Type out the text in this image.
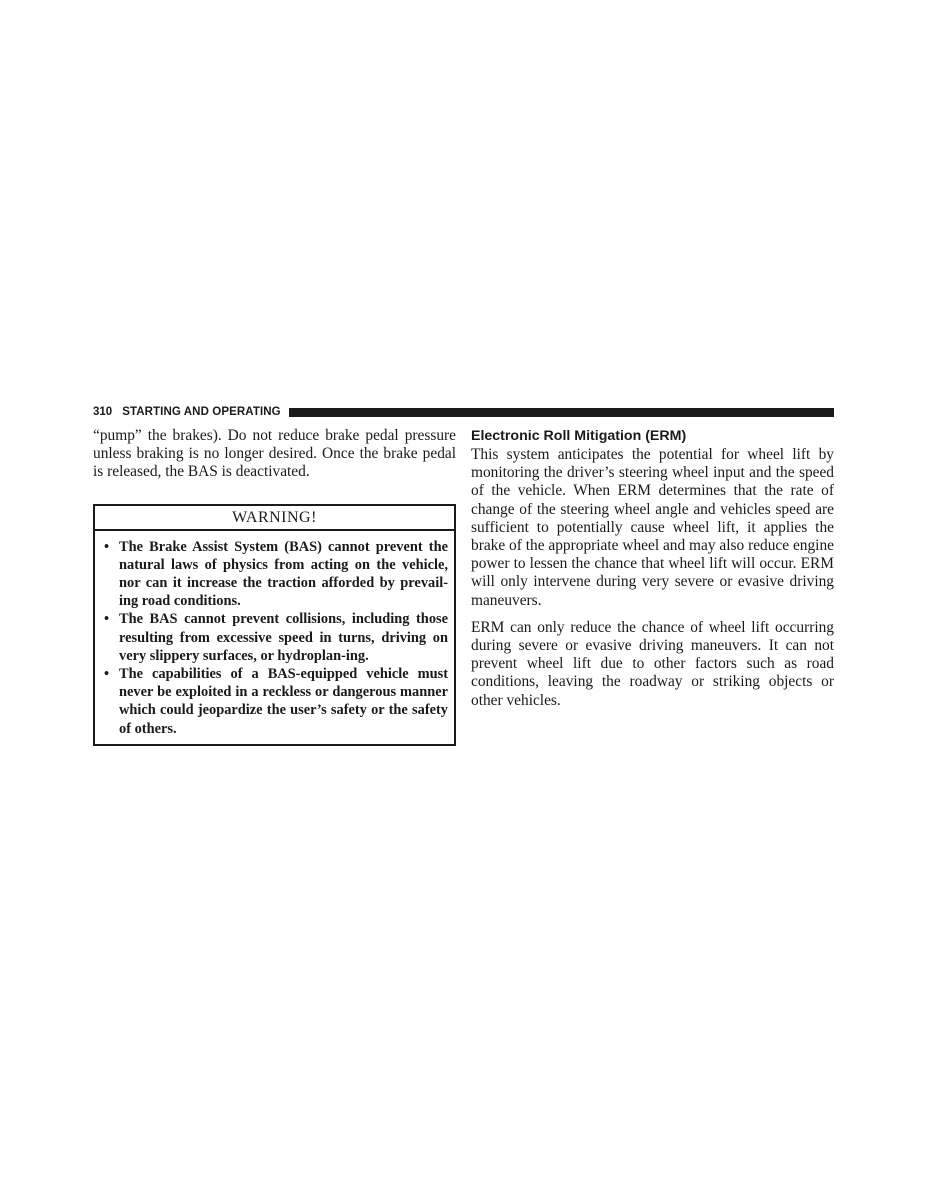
310 STARTING AND OPERATING

“pump” the brakes). Do not reduce brake pedal pressure unless braking is no longer desired. Once the brake pedal is released, the BAS is deactivated.

WARNING!
• The Brake Assist System (BAS) cannot prevent the natural laws of physics from acting on the vehicle, nor can it increase the traction afforded by prevail-ing road conditions.
• The BAS cannot prevent collisions, including those resulting from excessive speed in turns, driving on very slippery surfaces, or hydroplan-ing.
• The capabilities of a BAS-equipped vehicle must never be exploited in a reckless or dangerous manner which could jeopardize the user’s safety or the safety of others.
Electronic Roll Mitigation (ERM)

This system anticipates the potential for wheel lift by monitoring the driver’s steering wheel input and the speed of the vehicle. When ERM determines that the rate of change of the steering wheel angle and vehicles speed are sufficient to potentially cause wheel lift, it applies the brake of the appropriate wheel and may also reduce engine power to lessen the chance that wheel lift will occur. ERM will only intervene during very severe or evasive driving maneuvers.

ERM can only reduce the chance of wheel lift occurring during severe or evasive driving maneuvers. It can not prevent wheel lift due to other factors such as road conditions, leaving the roadway or striking objects or other vehicles.
